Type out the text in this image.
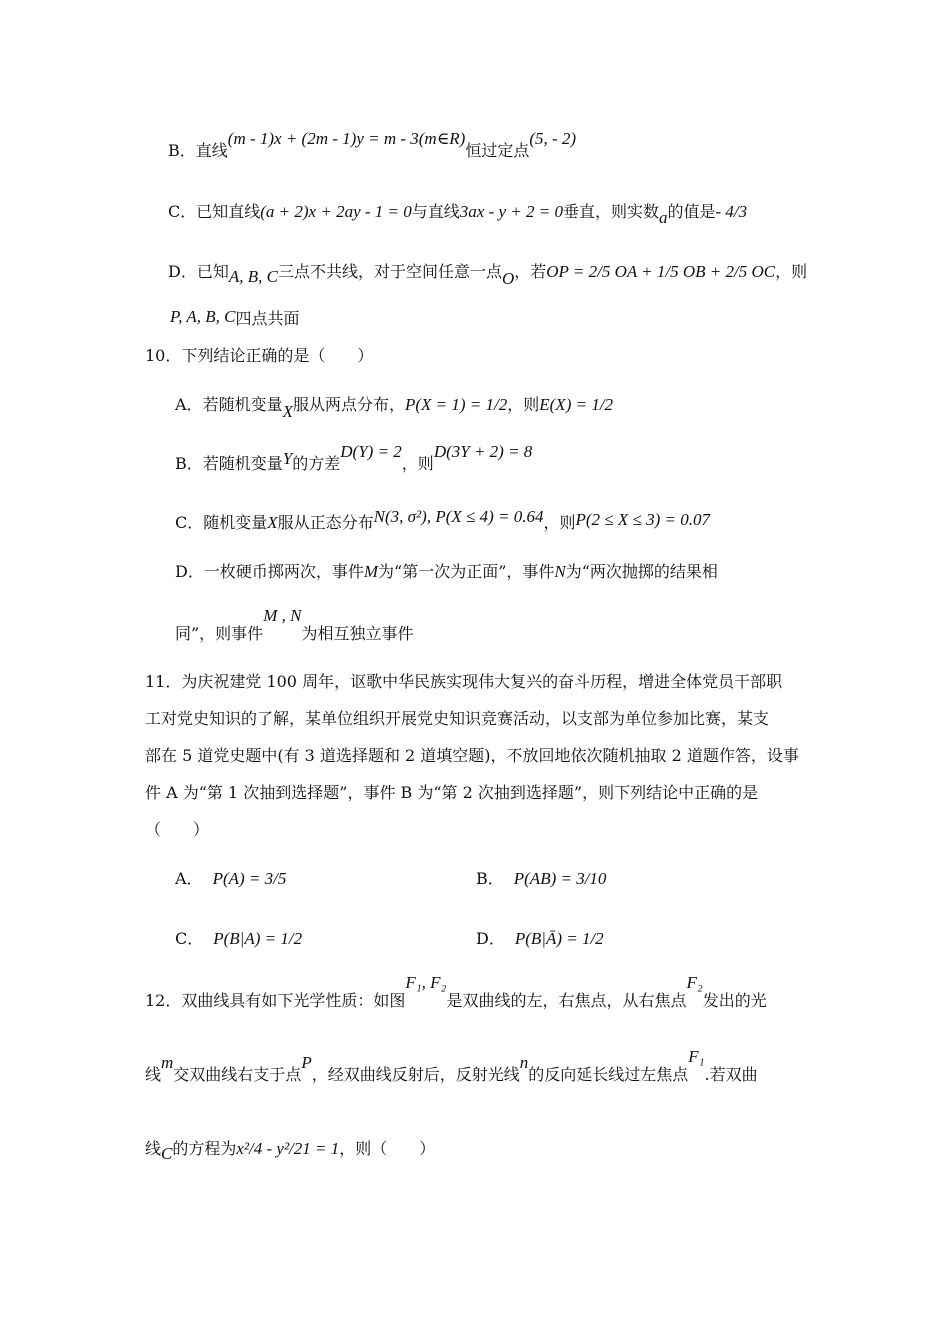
B．直线(m - 1)x + (2m - 1)y = m - 3(m∈R)恒过定点(5, - 2)
C．已知直线(a + 2)x + 2ay - 1 = 0与直线3ax - y + 2 = 0垂直，则实数a的值是- 4/3
D．已知A, B, C三点不共线，对于空间任意一点O，若OP = 2/5 OA + 1/5 OB + 2/5 OC，则
P, A, B, C四点共面
10．下列结论正确的是（　　）
A．若随机变量X服从两点分布，P(X = 1) = 1/2，则E(X) = 1/2
B．若随机变量Y的方差D(Y) = 2，则D(3Y + 2) = 8
C．随机变量X服从正态分布N(3, σ²), P(X ≤ 4) = 0.64，则P(2 ≤ X ≤ 3) = 0.07
D．一枚硬币掷两次，事件M为“第一次为正面”，事件N为“两次抛掷的结果相
同”，则事件M , N为相互独立事件
11．为庆祝建党 100 周年，讴歌中华民族实现伟大复兴的奋斗历程，增进全体党员干部职
工对党史知识的了解，某单位组织开展党史知识竞赛活动，以支部为单位参加比赛，某支
部在 5 道党史题中(有 3 道选择题和 2 道填空题)，不放回地依次随机抽取 2 道题作答，设事
件 A 为“第 1 次抽到选择题”，事件 B 为“第 2 次抽到选择题”，则下列结论中正确的是
（　　）
A． P(A) = 3/5	B． P(AB) = 3/10
C． P(B|A) = 1/2	D． P(B|Ā) = 1/2
12．双曲线具有如下光学性质：如图F₁, F₂是双曲线的左，右焦点，从右焦点F₂发出的光
线m交双曲线右支于点P，经双曲线反射后，反射光线n的反向延长线过左焦点F₁.若双曲
线C的方程为x²/4 - y²/21 = 1，则（　　）
